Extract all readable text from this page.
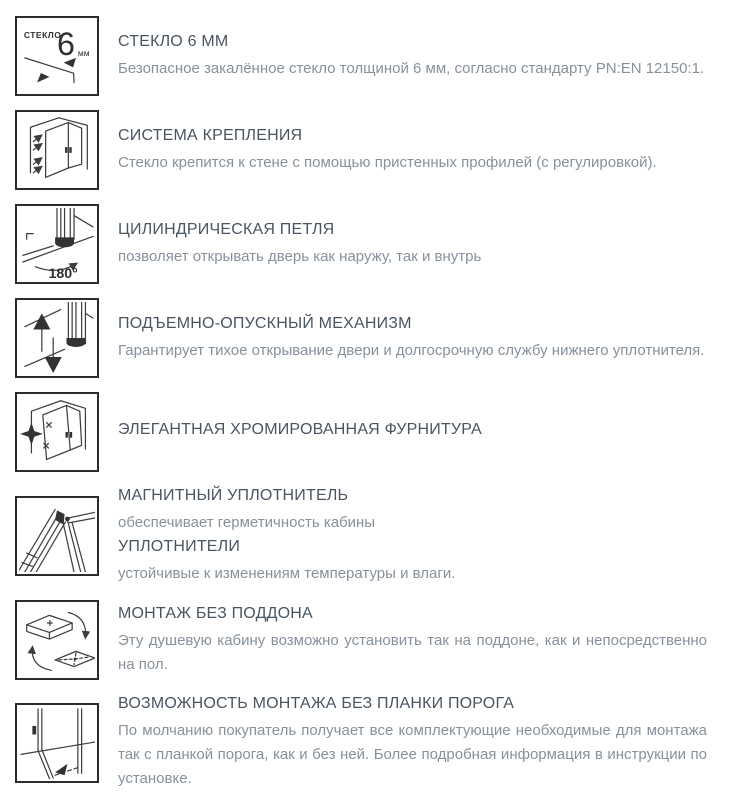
СТЕКЛО
6 мм
СТЕКЛО 6 ММ

Безопасное закалённое стекло толщиной 6 мм, согласно стандарту PN:EN 12150:1.

СИСТЕМА КРЕПЛЕНИЯ

Стекло крепится к стене с помощью пристенных профилей (с регулировкой).

180°
ЦИЛИНДРИЧЕСКАЯ ПЕТЛЯ

позволяет открывать дверь как наружу, так и внутрь

ПОДЪЕМНО-ОПУСКНЫЙ МЕХАНИЗМ

Гарантирует тихое открывание двери и долгосрочную службу нижнего уплотнителя.

ЭЛЕГАНТНАЯ ХРОМИРОВАННАЯ ФУРНИТУРА
МАГНИТНЫЙ УПЛОТНИТЕЛЬ

обеспечивает герметичность кабины

УПЛОТНИТЕЛИ

устойчивые к изменениям температуры и влаги.

МОНТАЖ БЕЗ ПОДДОНА

Эту душевую кабину возможно установить так на поддоне, как и непосредственно на пол.

ВОЗМОЖНОСТЬ МОНТАЖА БЕЗ ПЛАНКИ ПОРОГА

По молчанию покупатель получает все комплектующие необходимые для монтажа так с планкой порога, как и без ней. Более подробная информация в инструкции по установке.
